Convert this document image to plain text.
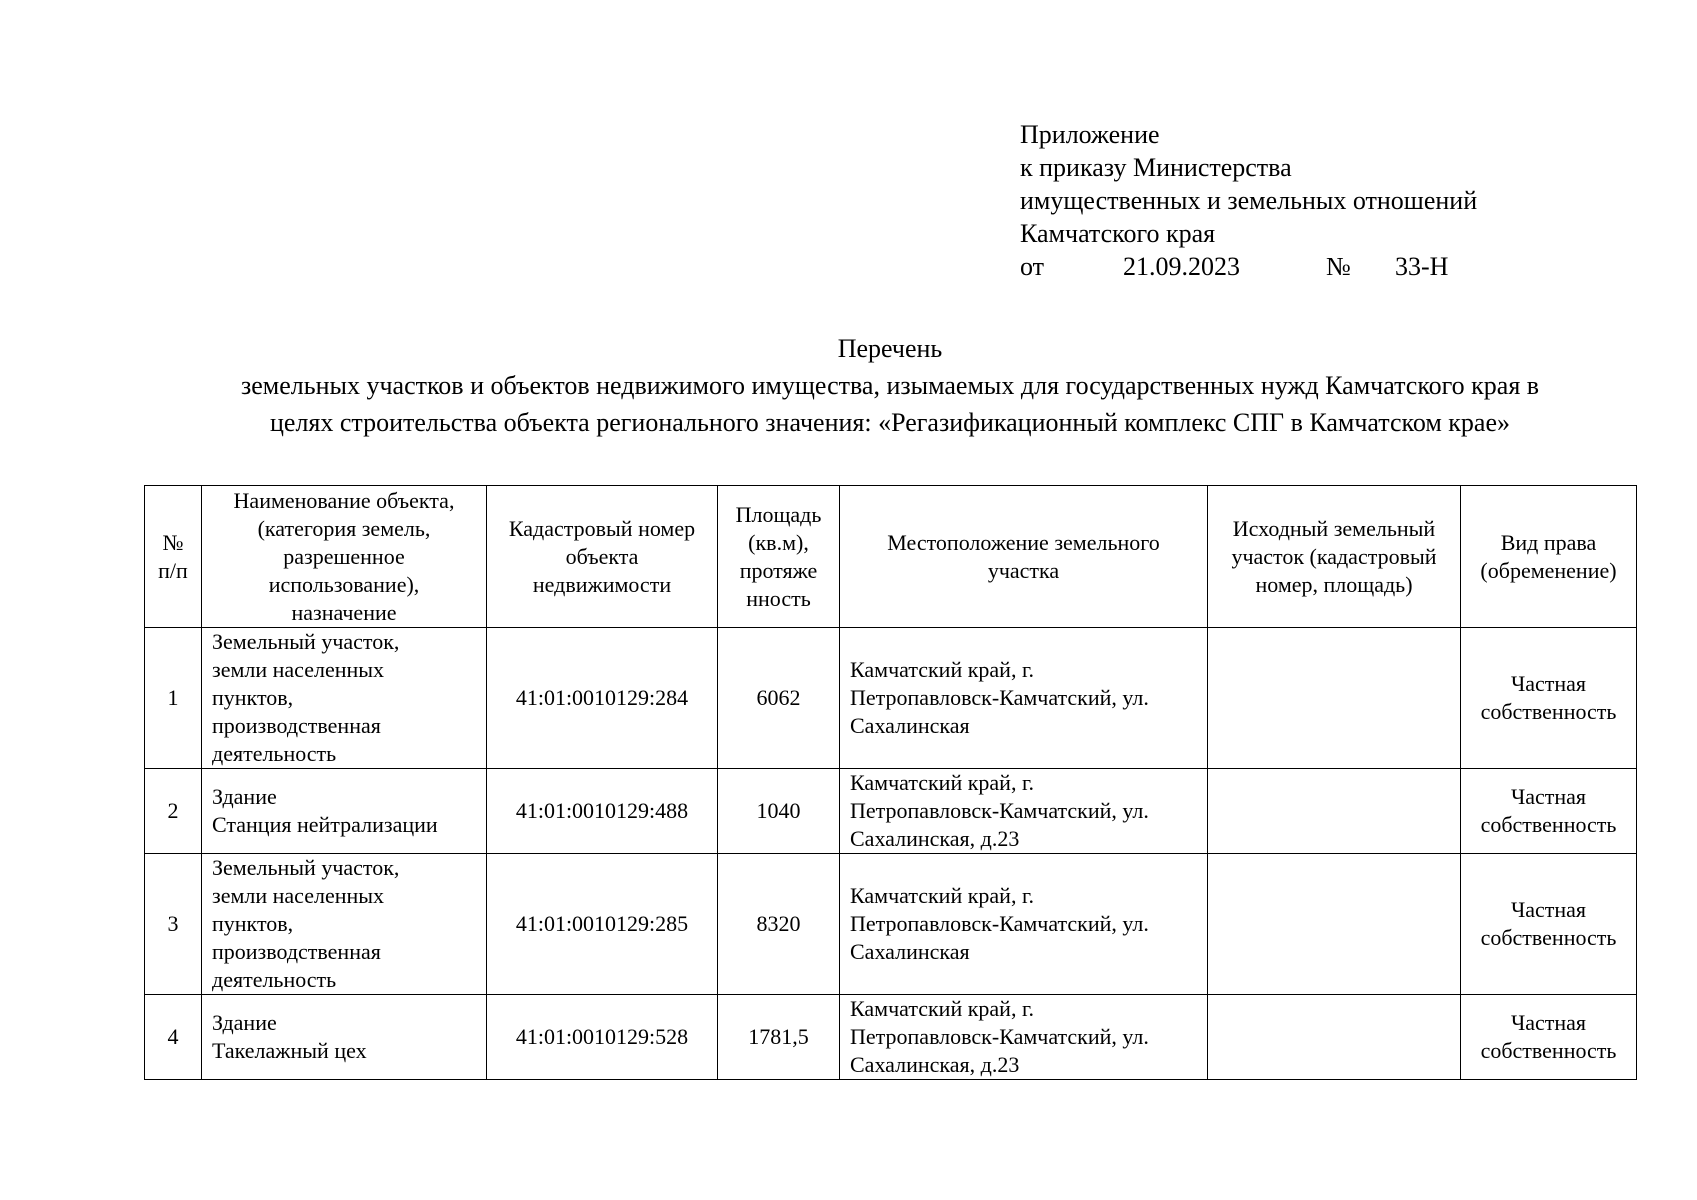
Приложение
к приказу Министерства
имущественных и земельных отношений
Камчатского края
от	21.09.2023	№ 33-Н
Перечень
земельных участков и объектов недвижимого имущества, изымаемых для государственных нужд Камчатского края в
целях строительства объекта регионального значения: «Регазификационный комплекс СПГ в Камчатском крае»
№
п/п	Наименование объекта,
(категория земель,
разрешенное
использование),
назначение	Кадастровый номер
объекта
недвижимости	Площадь
(кв.м),
протяже
нность	Местоположение земельного
участка	Исходный земельный
участок (кадастровый
номер, площадь)	Вид права
(обременение)

1	Земельный участок,
земли населенных
пунктов,
производственная
деятельность	41:01:0010129:284	6062	Камчатский край, г.
Петропавловск-Камчатский, ул.
Сахалинская		Частная
собственность

2	Здание
Станция нейтрализации	41:01:0010129:488	1040	Камчатский край, г.
Петропавловск-Камчатский, ул.
Сахалинская, д.23		Частная
собственность

3	Земельный участок,
земли населенных
пунктов,
производственная
деятельность	41:01:0010129:285	8320	Камчатский край, г.
Петропавловск-Камчатский, ул.
Сахалинская		Частная
собственность

4	Здание
Такелажный цех	41:01:0010129:528	1781,5	Камчатский край, г.
Петропавловск-Камчатский, ул.
Сахалинская, д.23		Частная
собственность
